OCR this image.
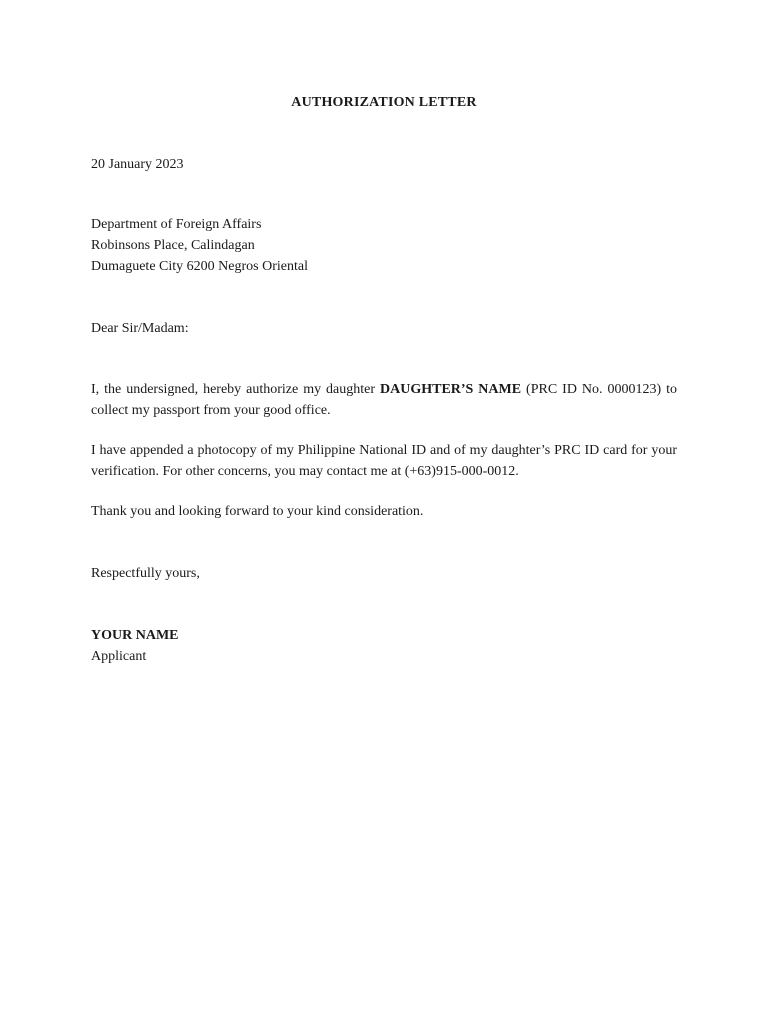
AUTHORIZATION LETTER
20 January 2023
Department of Foreign Affairs
Robinsons Place, Calindagan
Dumaguete City 6200 Negros Oriental
Dear Sir/Madam:
I, the undersigned, hereby authorize my daughter DAUGHTER’S NAME (PRC ID No. 0000123) to collect my passport from your good office.
I have appended a photocopy of my Philippine National ID and of my daughter’s PRC ID card for your verification. For other concerns, you may contact me at (+63)915-000-0012.
Thank you and looking forward to your kind consideration.
Respectfully yours,
YOUR NAME
Applicant
